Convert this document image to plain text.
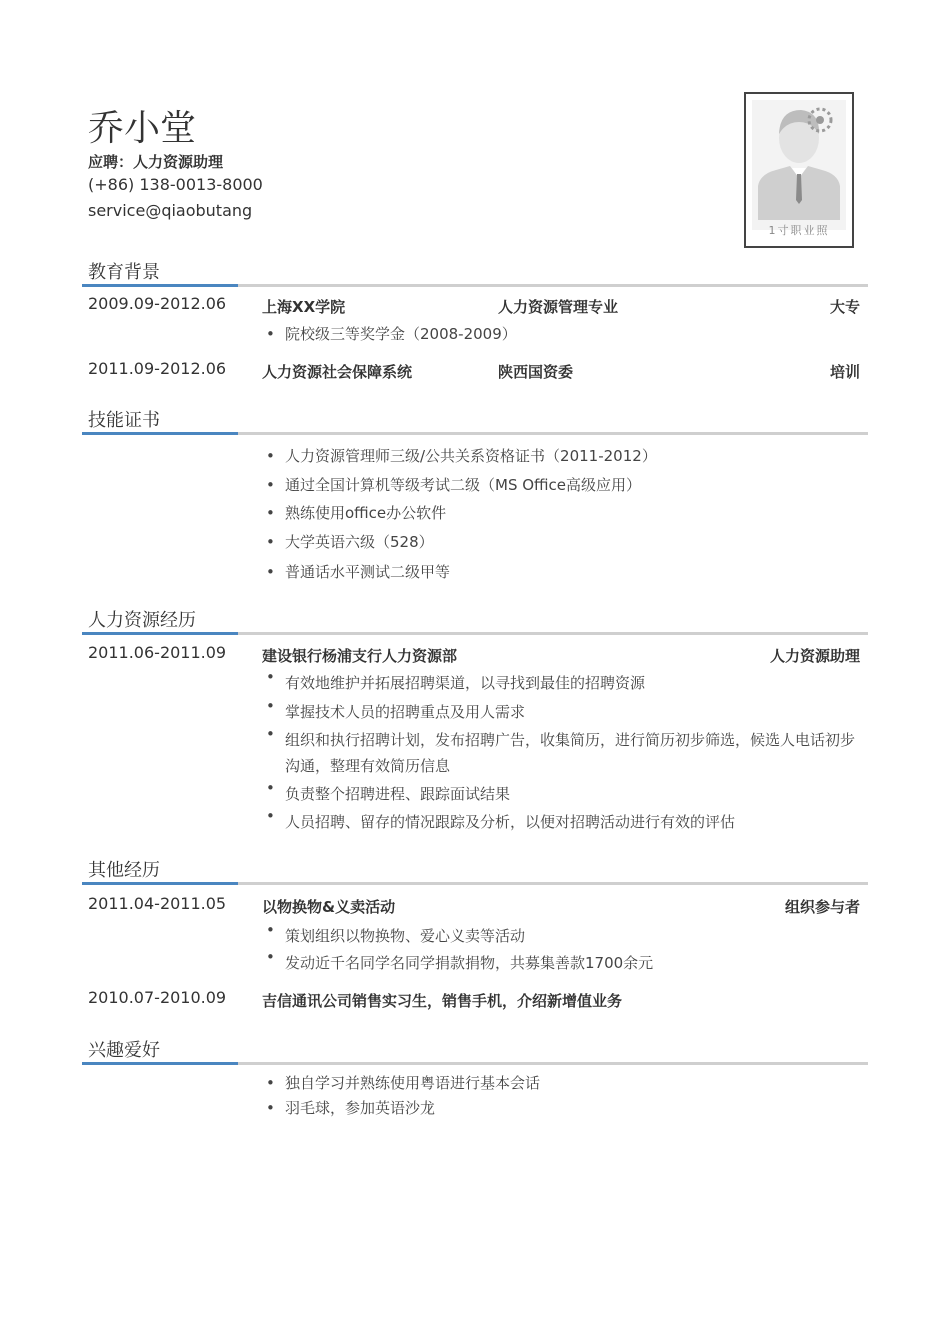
乔小堂
应聘：人力资源助理
(+86) 138-0013-8000
service@qiaobutang
1寸职业照
教育背景
2009.09-2012.06 上海XX学院	人力资源管理专业	大专
• 院校级三等奖学金（2008-2009）
2011.09-2012.06 人力资源社会保障系统	陕西国资委	培训
技能证书
• 人力资源管理师三级/公共关系资格证书（2011-2012）
• 通过全国计算机等级考试二级（MS Office高级应用）
• 熟练使用office办公软件
• 大学英语六级（528）
• 普通话水平测试二级甲等
人力资源经历
2011.06-2011.09 建设银行杨浦支行人力资源部	人力资源助理
• 有效地维护并拓展招聘渠道，以寻找到最佳的招聘资源
• 掌握技术人员的招聘重点及用人需求
• 组织和执行招聘计划，发布招聘广告，收集简历，进行简历初步筛选，候选人电话初步沟通，整理有效简历信息
• 负责整个招聘进程、跟踪面试结果
• 人员招聘、留存的情况跟踪及分析，以便对招聘活动进行有效的评估
其他经历
2011.04-2011.05 以物换物&义卖活动	组织参与者
• 策划组织以物换物、爱心义卖等活动
• 发动近千名同学名同学捐款捐物，共募集善款1700余元
2010.07-2010.09 吉信通讯公司销售实习生，销售手机，介绍新增值业务
兴趣爱好
• 独自学习并熟练使用粤语进行基本会话
• 羽毛球，参加英语沙龙
